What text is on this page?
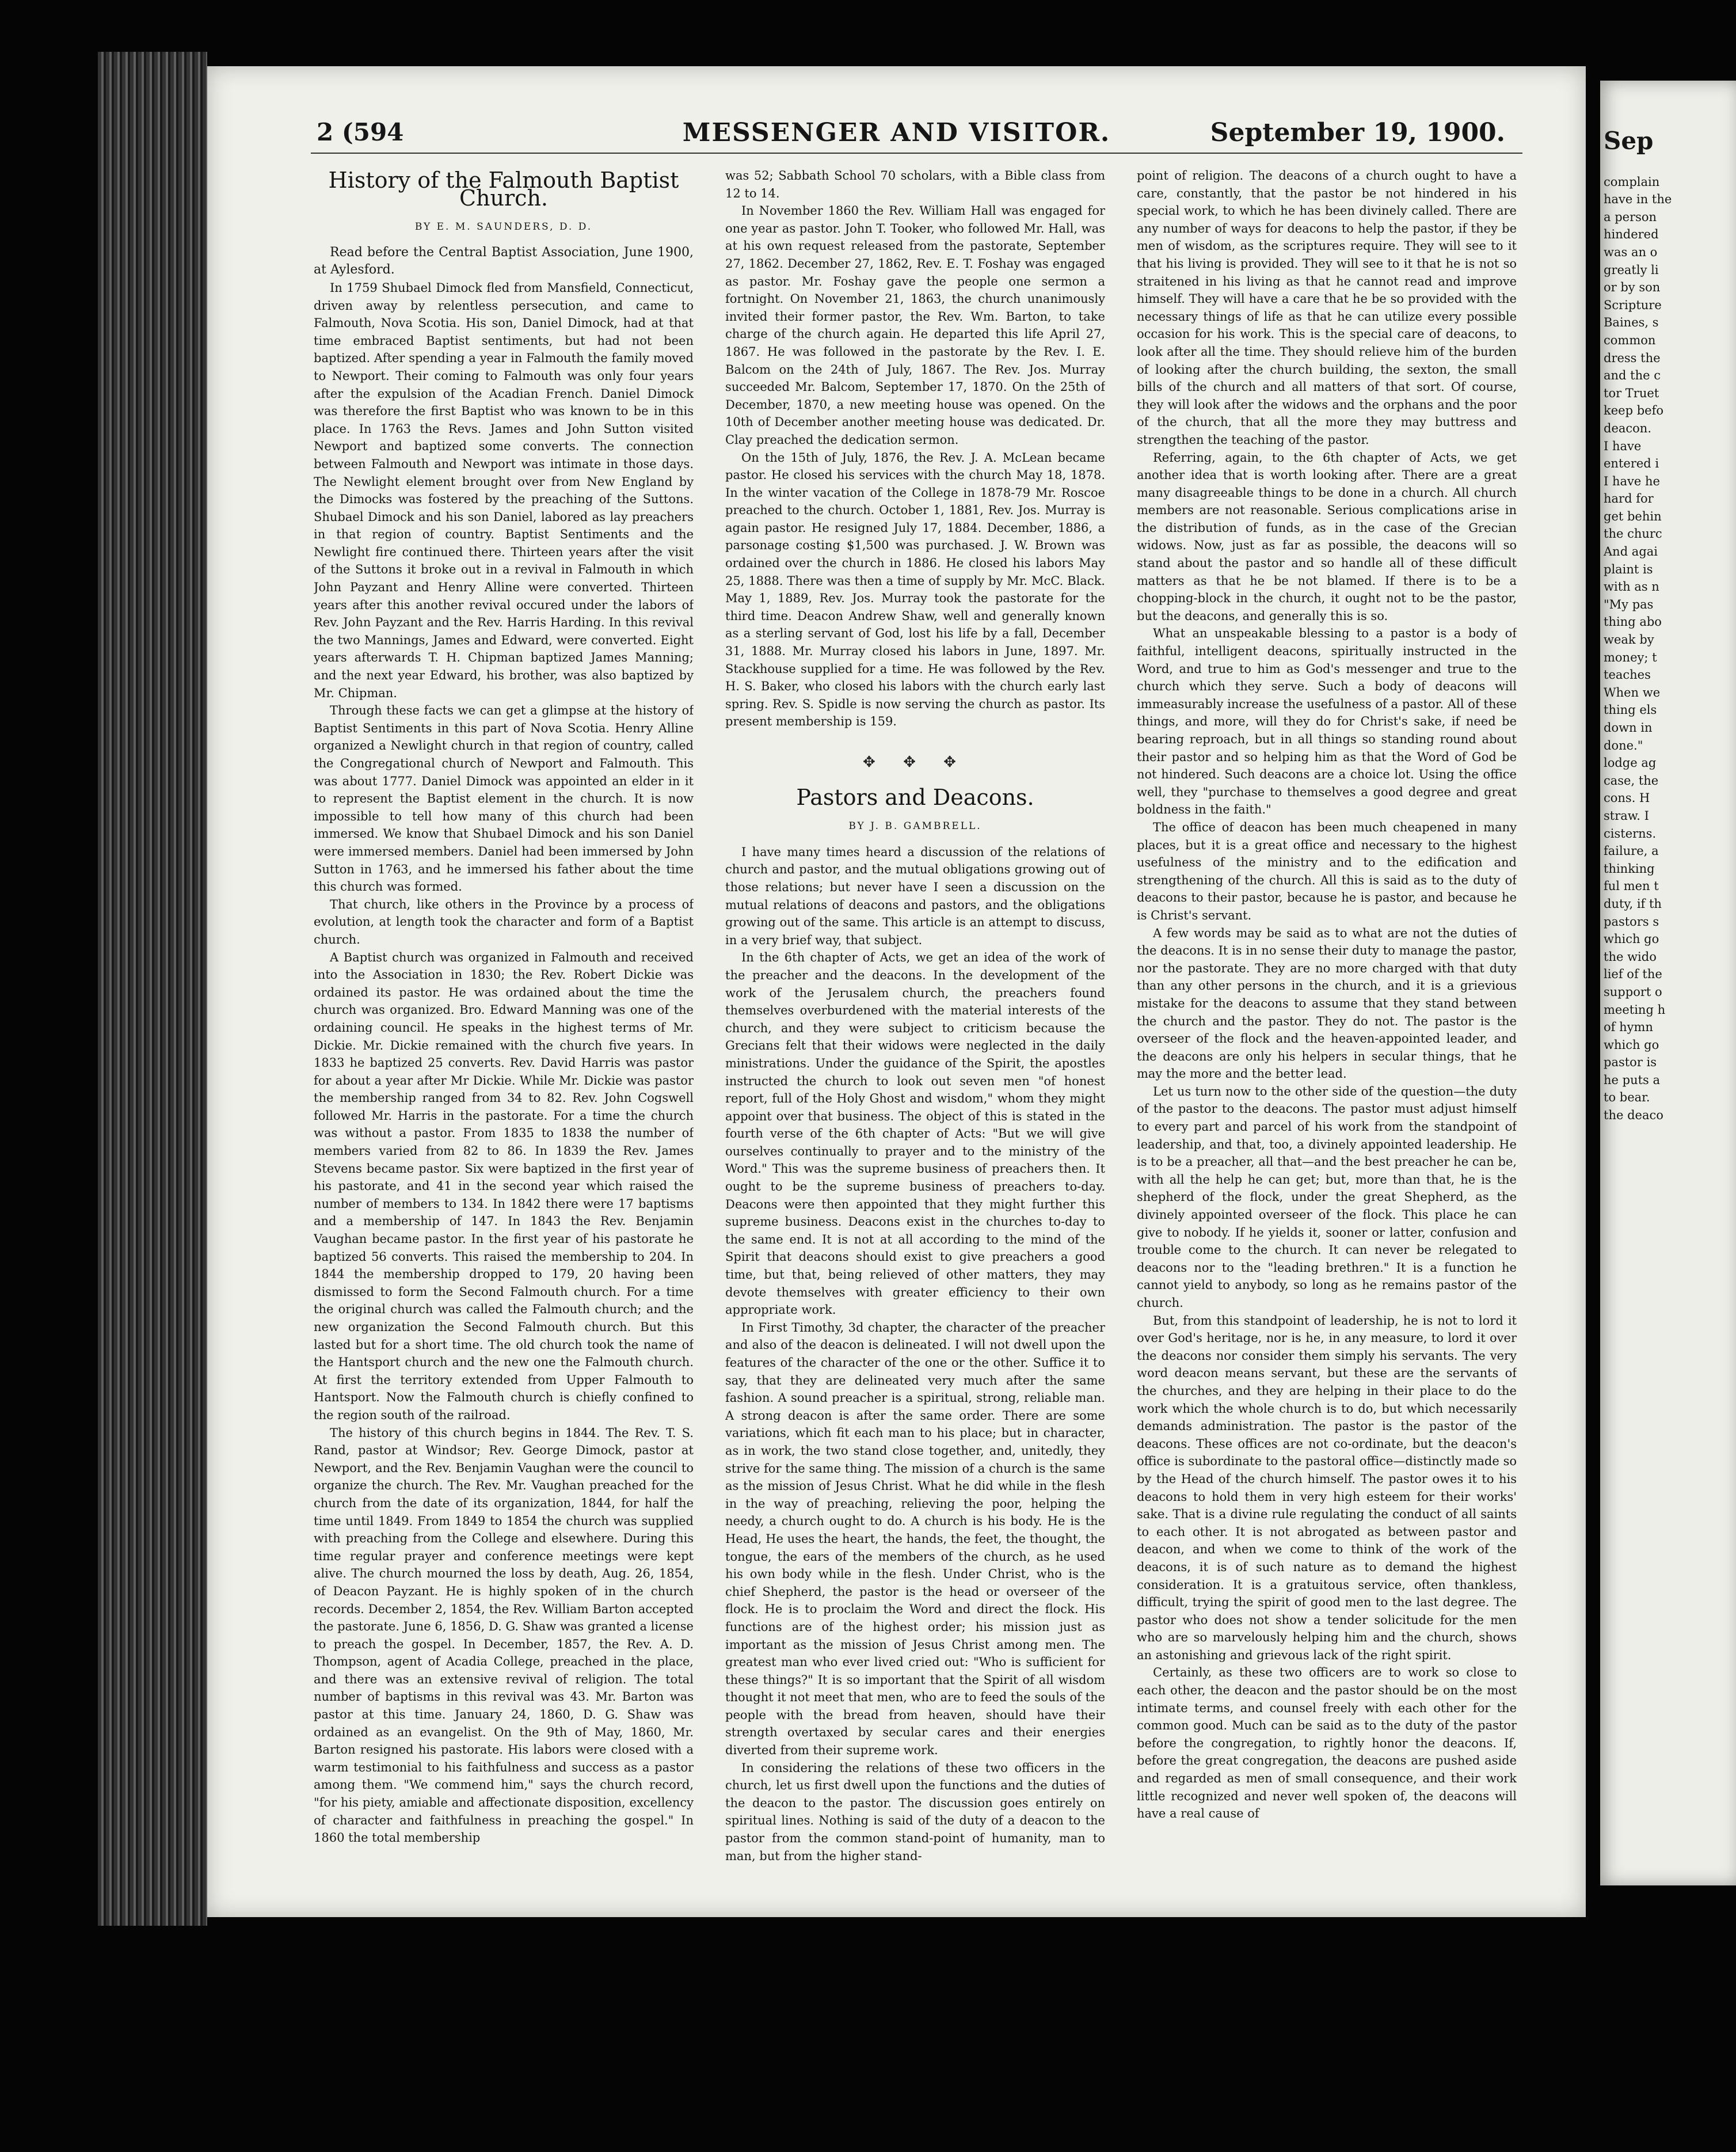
2 (594	MESSENGER AND VISITOR.	September 19, 1900.
History of the Falmouth Baptist Church.
BY E. M. SAUNDERS, D. D.

Read before the Central Baptist Association, June 1900, at Aylesford.

In 1759 Shubael Dimock fled from Mansfield, Connecticut, driven away by relentless persecution, and came to Falmouth, Nova Scotia. His son, Daniel Dimock, had at that time embraced Baptist sentiments, but had not been baptized. After spending a year in Falmouth the family moved to Newport. Their coming to Falmouth was only four years after the expulsion of the Acadian French. Daniel Dimock was therefore the first Baptist who was known to be in this place. In 1763 the Revs. James and John Sutton visited Newport and baptized some converts. The connection between Falmouth and Newport was intimate in those days. The Newlight element brought over from New England by the Dimocks was fostered by the preaching of the Suttons. Shubael Dimock and his son Daniel, labored as lay preachers in that region of country. Baptist Sentiments and the Newlight fire continued there. Thirteen years after the visit of the Suttons it broke out in a revival in Falmouth in which John Payzant and Henry Alline were converted. Thirteen years after this another revival occured under the labors of Rev. John Payzant and the Rev. Harris Harding. In this revival the two Mannings, James and Edward, were converted. Eight years afterwards T. H. Chipman baptized James Manning; and the next year Edward, his brother, was also baptized by Mr. Chipman.

Through these facts we can get a glimpse at the history of Baptist Sentiments in this part of Nova Scotia. Henry Alline organized a Newlight church in that region of country, called the Congregational church of Newport and Falmouth. This was about 1777. Daniel Dimock was appointed an elder in it to represent the Baptist element in the church. It is now impossible to tell how many of this church had been immersed. We know that Shubael Dimock and his son Daniel were immersed members. Daniel had been immersed by John Sutton in 1763, and he immersed his father about the time this church was formed.

That church, like others in the Province by a process of evolution, at length took the character and form of a Baptist church.

A Baptist church was organized in Falmouth and received into the Association in 1830; the Rev. Robert Dickie was ordained its pastor. He was ordained about the time the church was organized. Bro. Edward Manning was one of the ordaining council. He speaks in the highest terms of Mr. Dickie. Mr. Dickie remained with the church five years. In 1833 he baptized 25 converts. Rev. David Harris was pastor for about a year after Mr Dickie. While Mr. Dickie was pastor the membership ranged from 34 to 82. Rev. John Cogswell followed Mr. Harris in the pastorate. For a time the church was without a pastor. From 1835 to 1838 the number of members varied from 82 to 86. In 1839 the Rev. James Stevens became pastor. Six were baptized in the first year of his pastorate, and 41 in the second year which raised the number of members to 134. In 1842 there were 17 baptisms and a membership of 147. In 1843 the Rev. Benjamin Vaughan became pastor. In the first year of his pastorate he baptized 56 converts. This raised the membership to 204. In 1844 the membership dropped to 179, 20 having been dismissed to form the Second Falmouth church. For a time the original church was called the Falmouth church; and the new organization the Second Falmouth church. But this lasted but for a short time. The old church took the name of the Hantsport church and the new one the Falmouth church. At first the territory extended from Upper Falmouth to Hantsport. Now the Falmouth church is chiefly confined to the region south of the railroad.

The history of this church begins in 1844. The Rev. T. S. Rand, pastor at Windsor; Rev. George Dimock, pastor at Newport, and the Rev. Benjamin Vaughan were the council to organize the church. The Rev. Mr. Vaughan preached for the church from the date of its organization, 1844, for half the time until 1849. From 1849 to 1854 the church was supplied with preaching from the College and elsewhere. During this time regular prayer and conference meetings were kept alive. The church mourned the loss by death, Aug. 26, 1854, of Deacon Payzant. He is highly spoken of in the church records. December 2, 1854, the Rev. William Barton accepted the pastorate. June 6, 1856, D. G. Shaw was granted a license to preach the gospel. In December, 1857, the Rev. A. D. Thompson, agent of Acadia College, preached in the place, and there was an extensive revival of religion. The total number of baptisms in this revival was 43. Mr. Barton was pastor at this time. January 24, 1860, D. G. Shaw was ordained as an evangelist. On the 9th of May, 1860, Mr. Barton resigned his pastorate. His labors were closed with a warm testimonial to his faithfulness and success as a pastor among them. "We commend him," says the church record, "for his piety, amiable and affectionate disposition, excellency of character and faithfulness in preaching the gospel." In 1860 the total membership

was 52; Sabbath School 70 scholars, with a Bible class from 12 to 14.

In November 1860 the Rev. William Hall was engaged for one year as pastor. John T. Tooker, who followed Mr. Hall, was at his own request released from the pastorate, September 27, 1862. December 27, 1862, Rev. E. T. Foshay was engaged as pastor. Mr. Foshay gave the people one sermon a fortnight. On November 21, 1863, the church unanimously invited their former pastor, the Rev. Wm. Barton, to take charge of the church again. He departed this life April 27, 1867. He was followed in the pastorate by the Rev. I. E. Balcom on the 24th of July, 1867. The Rev. Jos. Murray succeeded Mr. Balcom, September 17, 1870. On the 25th of December, 1870, a new meeting house was opened. On the 10th of December another meeting house was dedicated. Dr. Clay preached the dedication sermon.

On the 15th of July, 1876, the Rev. J. A. McLean became pastor. He closed his services with the church May 18, 1878. In the winter vacation of the College in 1878-79 Mr. Roscoe preached to the church. October 1, 1881, Rev. Jos. Murray is again pastor. He resigned July 17, 1884. December, 1886, a parsonage costing $1,500 was purchased. J. W. Brown was ordained over the church in 1886. He closed his labors May 25, 1888. There was then a time of supply by Mr. McC. Black. May 1, 1889, Rev. Jos. Murray took the pastorate for the third time. Deacon Andrew Shaw, well and generally known as a sterling servant of God, lost his life by a fall, December 31, 1888. Mr. Murray closed his labors in June, 1897. Mr. Stackhouse supplied for a time. He was followed by the Rev. H. S. Baker, who closed his labors with the church early last spring. Rev. S. Spidle is now serving the church as pastor. Its present membership is 159.

✥ ✥ ✥
Pastors and Deacons.
BY J. B. GAMBRELL.

I have many times heard a discussion of the relations of church and pastor, and the mutual obligations growing out of those relations; but never have I seen a discussion on the mutual relations of deacons and pastors, and the obligations growing out of the same. This article is an attempt to discuss, in a very brief way, that subject.

In the 6th chapter of Acts, we get an idea of the work of the preacher and the deacons. In the development of the work of the Jerusalem church, the preachers found themselves overburdened with the material interests of the church, and they were subject to criticism because the Grecians felt that their widows were neglected in the daily ministrations. Under the guidance of the Spirit, the apostles instructed the church to look out seven men "of honest report, full of the Holy Ghost and wisdom," whom they might appoint over that business. The object of this is stated in the fourth verse of the 6th chapter of Acts: "But we will give ourselves continually to prayer and to the ministry of the Word." This was the supreme business of preachers then. It ought to be the supreme business of preachers to-day. Deacons were then appointed that they might further this supreme business. Deacons exist in the churches to-day to the same end. It is not at all according to the mind of the Spirit that deacons should exist to give preachers a good time, but that, being relieved of other matters, they may devote themselves with greater efficiency to their own appropriate work.

In First Timothy, 3d chapter, the character of the preacher and also of the deacon is delineated. I will not dwell upon the features of the character of the one or the other. Suffice it to say, that they are delineated very much after the same fashion. A sound preacher is a spiritual, strong, reliable man. A strong deacon is after the same order. There are some variations, which fit each man to his place; but in character, as in work, the two stand close together, and, unitedly, they strive for the same thing. The mission of a church is the same as the mission of Jesus Christ. What he did while in the flesh in the way of preaching, relieving the poor, helping the needy, a church ought to do. A church is his body. He is the Head, He uses the heart, the hands, the feet, the thought, the tongue, the ears of the members of the church, as he used his own body while in the flesh. Under Christ, who is the chief Shepherd, the pastor is the head or overseer of the flock. He is to proclaim the Word and direct the flock. His functions are of the highest order; his mission just as important as the mission of Jesus Christ among men. The greatest man who ever lived cried out: "Who is sufficient for these things?" It is so important that the Spirit of all wisdom thought it not meet that men, who are to feed the souls of the people with the bread from heaven, should have their strength overtaxed by secular cares and their energies diverted from their supreme work.

In considering the relations of these two officers in the church, let us first dwell upon the functions and the duties of the deacon to the pastor. The discussion goes entirely on spiritual lines. Nothing is said of the duty of a deacon to the pastor from the common stand-point of humanity, man to man, but from the higher stand-

point of religion. The deacons of a church ought to have a care, constantly, that the pastor be not hindered in his special work, to which he has been divinely called. There are any number of ways for deacons to help the pastor, if they be men of wisdom, as the scriptures require. They will see to it that his living is provided. They will see to it that he is not so straitened in his living as that he cannot read and improve himself. They will have a care that he be so provided with the necessary things of life as that he can utilize every possible occasion for his work. This is the special care of deacons, to look after all the time. They should relieve him of the burden of looking after the church building, the sexton, the small bills of the church and all matters of that sort. Of course, they will look after the widows and the orphans and the poor of the church, that all the more they may buttress and strengthen the teaching of the pastor.

Referring, again, to the 6th chapter of Acts, we get another idea that is worth looking after. There are a great many disagreeable things to be done in a church. All church members are not reasonable. Serious complications arise in the distribution of funds, as in the case of the Grecian widows. Now, just as far as possible, the deacons will so stand about the pastor and so handle all of these difficult matters as that he be not blamed. If there is to be a chopping-block in the church, it ought not to be the pastor, but the deacons, and generally this is so.

What an unspeakable blessing to a pastor is a body of faithful, intelligent deacons, spiritually instructed in the Word, and true to him as God's messenger and true to the church which they serve. Such a body of deacons will immeasurably increase the usefulness of a pastor. All of these things, and more, will they do for Christ's sake, if need be bearing reproach, but in all things so standing round about their pastor and so helping him as that the Word of God be not hindered. Such deacons are a choice lot. Using the office well, they "purchase to themselves a good degree and great boldness in the faith."

The office of deacon has been much cheapened in many places, but it is a great office and necessary to the highest usefulness of the ministry and to the edification and strengthening of the church. All this is said as to the duty of deacons to their pastor, because he is pastor, and because he is Christ's servant.

A few words may be said as to what are not the duties of the deacons. It is in no sense their duty to manage the pastor, nor the pastorate. They are no more charged with that duty than any other persons in the church, and it is a grievious mistake for the deacons to assume that they stand between the church and the pastor. They do not. The pastor is the overseer of the flock and the heaven-appointed leader, and the deacons are only his helpers in secular things, that he may the more and the better lead.

Let us turn now to the other side of the question—the duty of the pastor to the deacons. The pastor must adjust himself to every part and parcel of his work from the standpoint of leadership, and that, too, a divinely appointed leadership. He is to be a preacher, all that—and the best preacher he can be, with all the help he can get; but, more than that, he is the shepherd of the flock, under the great Shepherd, as the divinely appointed overseer of the flock. This place he can give to nobody. If he yields it, sooner or latter, confusion and trouble come to the church. It can never be relegated to deacons nor to the "leading brethren." It is a function he cannot yield to anybody, so long as he remains pastor of the church.

But, from this standpoint of leadership, he is not to lord it over God's heritage, nor is he, in any measure, to lord it over the deacons nor consider them simply his servants. The very word deacon means servant, but these are the servants of the churches, and they are helping in their place to do the work which the whole church is to do, but which necessarily demands administration. The pastor is the pastor of the deacons. These offices are not co-ordinate, but the deacon's office is subordinate to the pastoral office—distinctly made so by the Head of the church himself. The pastor owes it to his deacons to hold them in very high esteem for their works' sake. That is a divine rule regulating the conduct of all saints to each other. It is not abrogated as between pastor and deacon, and when we come to think of the work of the deacons, it is of such nature as to demand the highest consideration. It is a gratuitous service, often thankless, difficult, trying the spirit of good men to the last degree. The pastor who does not show a tender solicitude for the men who are so marvelously helping him and the church, shows an astonishing and grievous lack of the right spirit.

Certainly, as these two officers are to work so close to each other, the deacon and the pastor should be on the most intimate terms, and counsel freely with each other for the common good. Much can be said as to the duty of the pastor before the congregation, to rightly honor the deacons. If, before the great congregation, the deacons are pushed aside and regarded as men of small consequence, and their work little recognized and never well spoken of, the deacons will have a real cause of

Sep
complain
have in the
a person
hindered
was an o
greatly li
or by son
Scripture
Baines, s
common
dress the
and the c
tor Truet
keep befo
deacon.
I have
entered i
I have he
hard for
get behin
the churc
And agai
plaint is
with as n
"My pas
thing abo
weak by
money; t
teaches
When we
thing els
down in
done."
lodge ag
case, the
cons. H
straw. I
cisterns.
failure, a
thinking
ful men t
duty, if th
pastors s
which go
the wido
lief of the
support o
meeting h
of hymn
which go
pastor is
he puts a
to bear.
the deaco
